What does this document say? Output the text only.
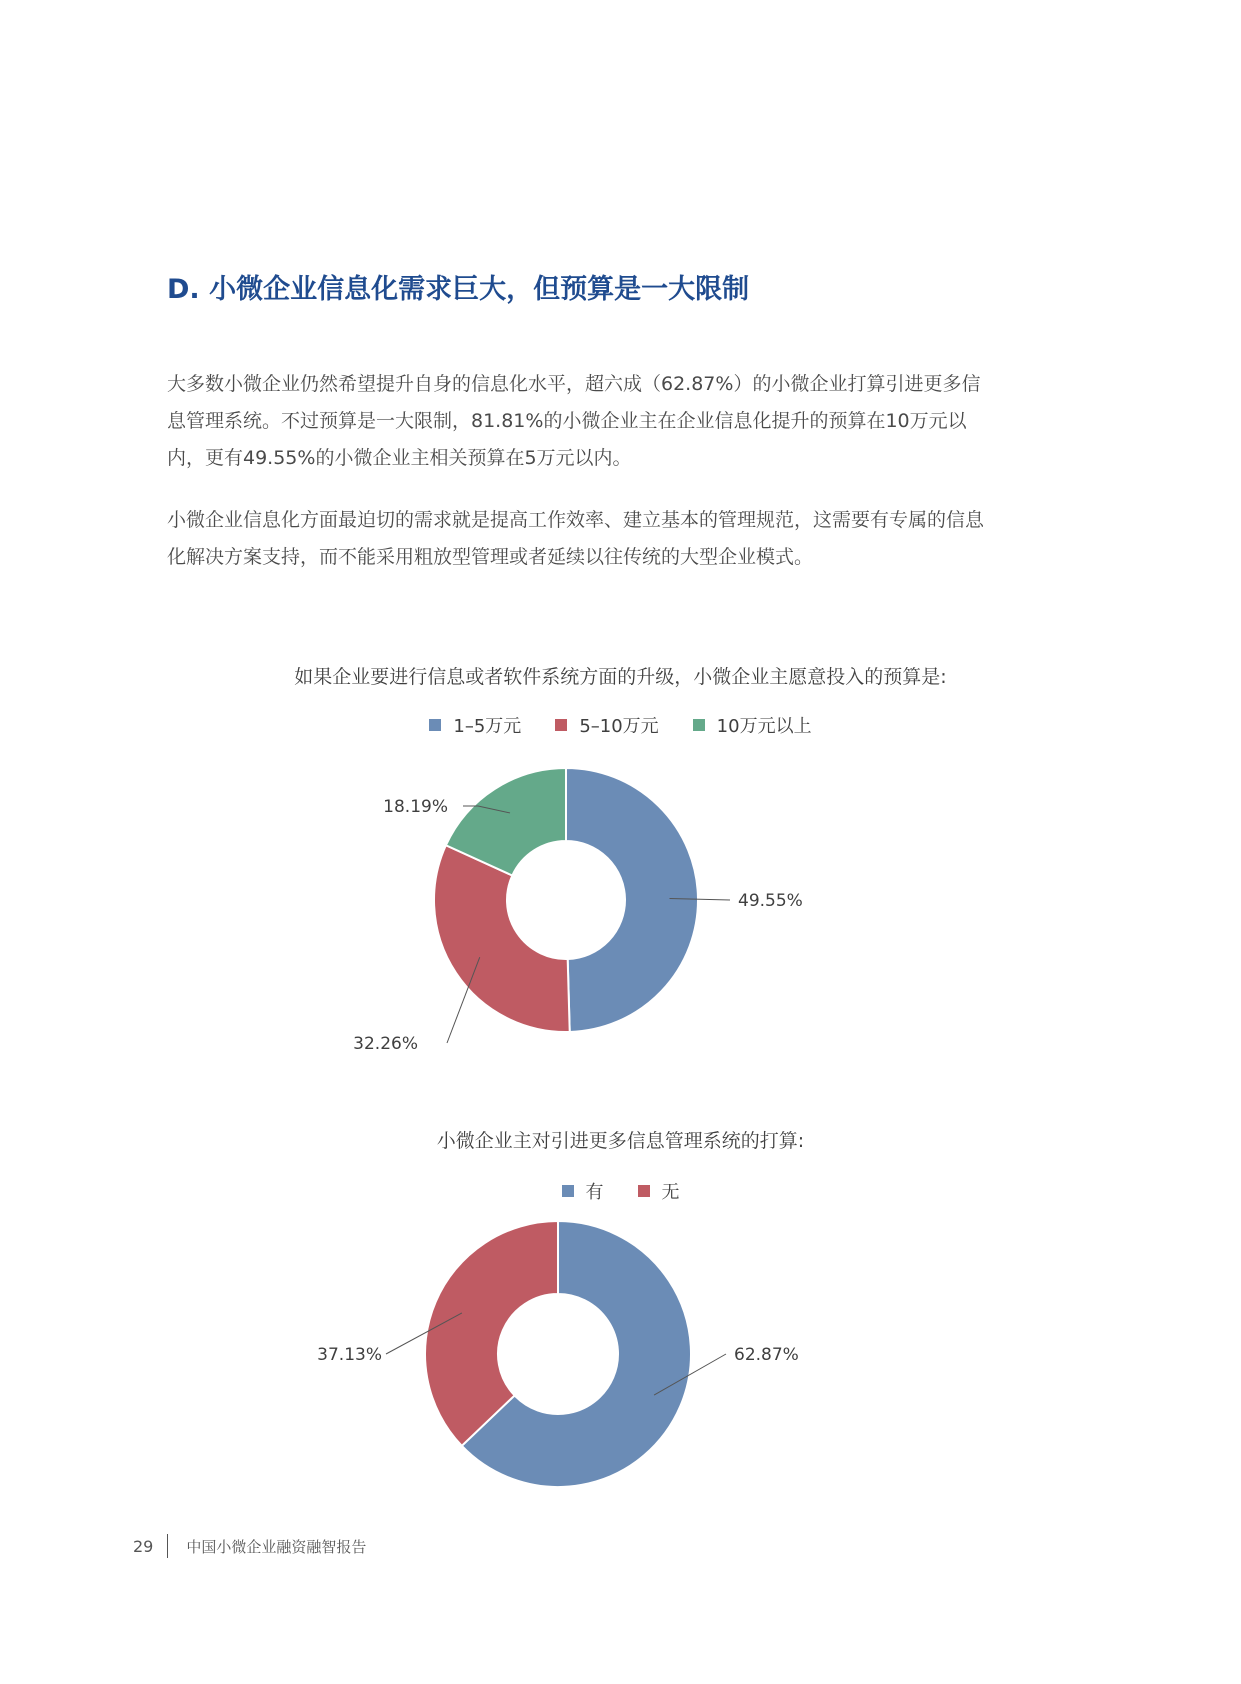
D. 小微企业信息化需求巨大，但预算是一大限制

大多数小微企业仍然希望提升自身的信息化水平，超六成（62.87%）的小微企业打算引进更多信息管理系统。不过预算是一大限制，81.81%的小微企业主在企业信息化提升的预算在10万元以内，更有49.55%的小微企业主相关预算在5万元以内。

小微企业信息化方面最迫切的需求就是提高工作效率、建立基本的管理规范，这需要有专属的信息化解决方案支持，而不能采用粗放型管理或者延续以往传统的大型企业模式。

如果企业要进行信息或者软件系统方面的升级，小微企业主愿意投入的预算是:
1–5万元	5–10万元	10万元以上
49.55%
32.26%
18.19%
小微企业主对引进更多信息管理系统的打算:
有	无
62.87%
37.13%
29 中国小微企业融资融智报告
